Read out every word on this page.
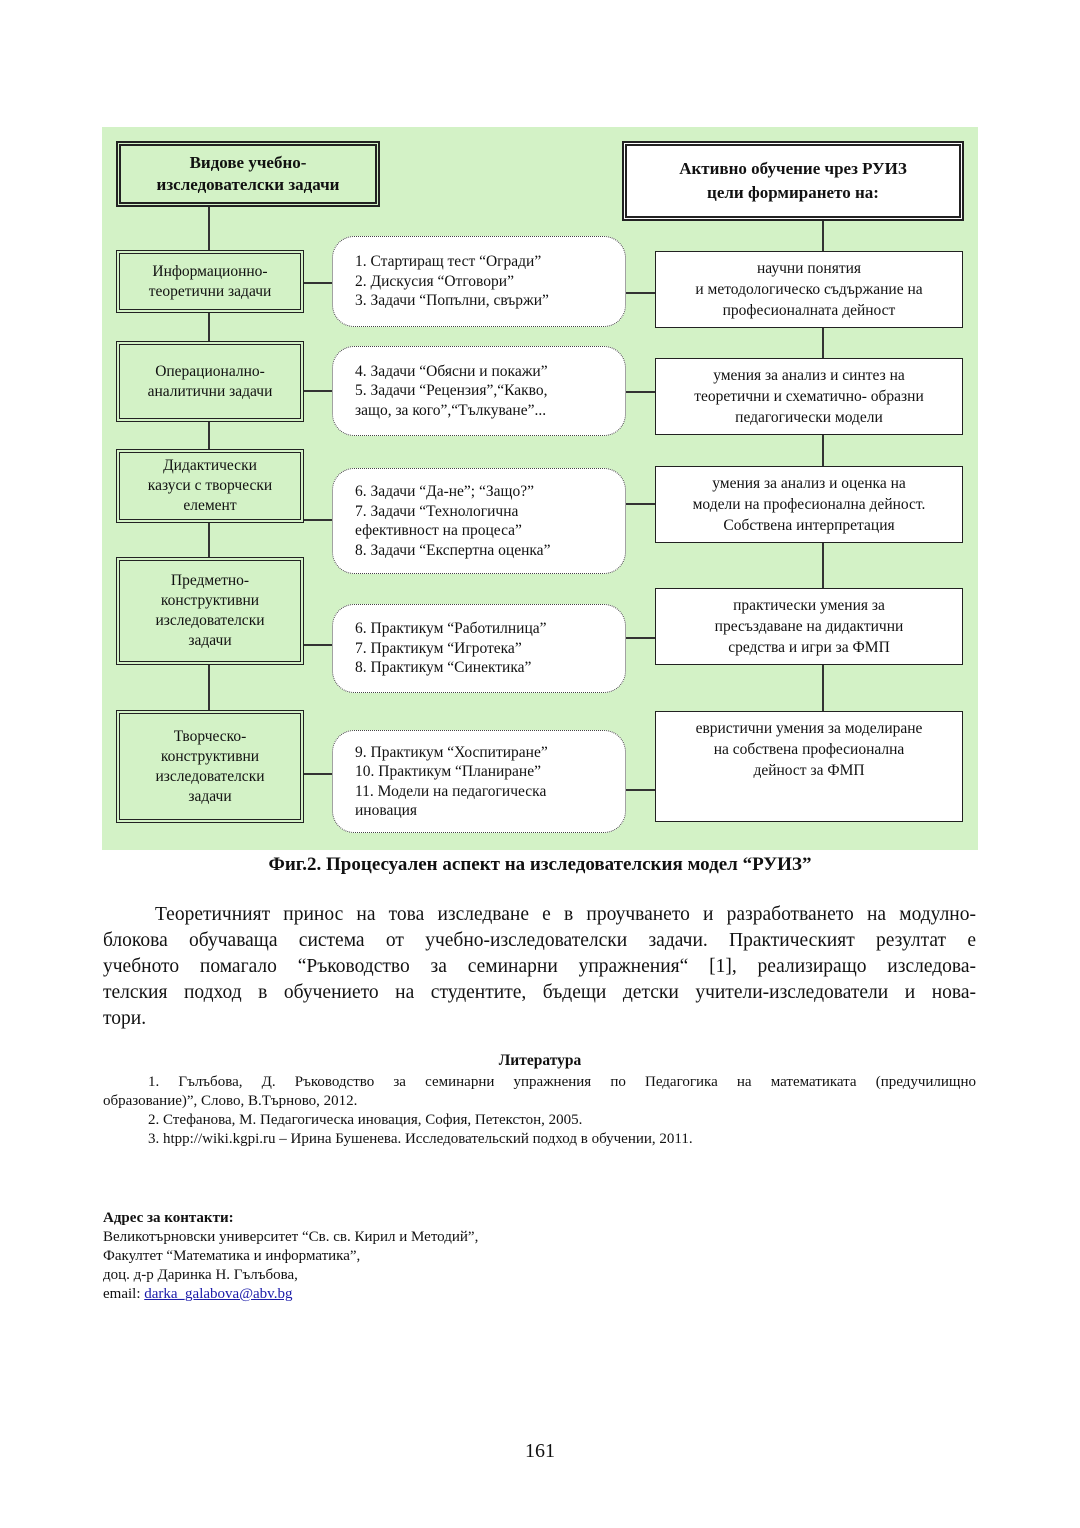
Видове учебно-
изследователски задачи
Активно обучение чрез РУИЗ
цели формирането на:
Информационно-
теоретични задачи
1. Стартиращ тест “Огради”
2. Дискусия “Отговори”
3. Задачи “Попълни, свържи”
научни понятия
и методологическо съдържание на
професионалната дейност
Операционално-
аналитични задачи
4. Задачи “Обясни и покажи”
5. Задачи “Рецензия”,“Какво,
защо, за кого”,“Тълкуване”...
умения за анализ и синтез на
теоретични и схематично- образни
педагогически модели
Дидактически
казуси с творчески
елемент
6. Задачи “Да-не”; “Защо?”
7. Задачи “Технологична
ефективност на процеса”
8. Задачи “Експертна оценка”
умения за анализ и оценка на
модели на професионална дейност.
Собствена интерпретация
Предметно-
конструктивни
изследователски
задачи
6. Практикум “Работилница”
7. Практикум “Игротека”
8. Практикум “Синектика”
практически умения за
пресъздаване на дидактични
средства и игри за ФМП
Творческо-
конструктивни
изследователски
задачи
9. Практикум “Хоспитиране”
10. Практикум “Планиране”
11. Модели на педагогическа
иновация
евристични умения за моделиране
на собствена професионална
дейност за ФМП
Фиг.2. Процесуален аспект на изследователския модел “РУИЗ”
Теоретичният принос на това изследване е в проучването и разработването на модулно-
блокова обучаваща система от учебно-изследователски задачи. Практическият резултат е
учебното помагало “Ръководство за семинарни упражнения“ [1], реализиращо изследова-
телския подход в обучението на студентите, бъдещи детски учители-изследователи и нова-
тори.
Литература
1. Гълъбова, Д. Ръководство за семинарни упражнения по Педагогика на математиката (предучилищно
образование)”, Слово, В.Търново, 2012.
2. Стефанова, М. Педагогическа иновация, София, Петекстон, 2005.
3. htpp://wiki.kgpi.ru – Ирина Бушенева. Исследовательский подход в обучении, 2011.
Адрес за контакти:
Великотърновски университет “Св. св. Кирил и Методий”,
Факултет “Математика и информатика”,
доц. д-р Даринка Н. Гълъбова,
email: darka_galabova@abv.bg
161
